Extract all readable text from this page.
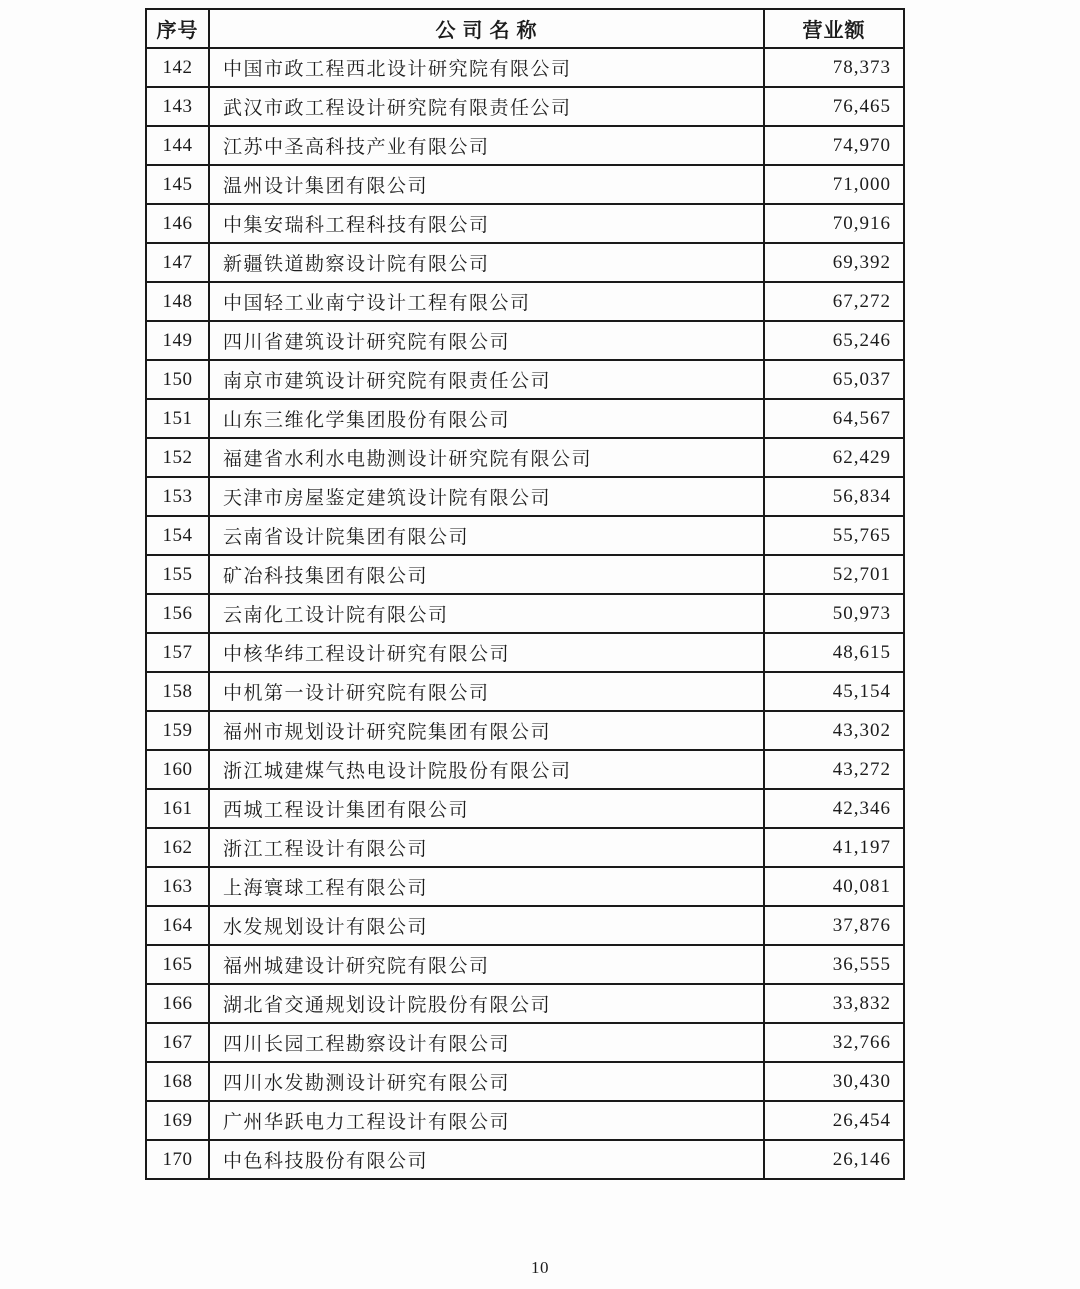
序号	公 司 名 称	营业额
142	中国市政工程西北设计研究院有限公司	78,373
143	武汉市政工程设计研究院有限责任公司	76,465
144	江苏中圣高科技产业有限公司	74,970
145	温州设计集团有限公司	71,000
146	中集安瑞科工程科技有限公司	70,916
147	新疆铁道勘察设计院有限公司	69,392
148	中国轻工业南宁设计工程有限公司	67,272
149	四川省建筑设计研究院有限公司	65,246
150	南京市建筑设计研究院有限责任公司	65,037
151	山东三维化学集团股份有限公司	64,567
152	福建省水利水电勘测设计研究院有限公司	62,429
153	天津市房屋鉴定建筑设计院有限公司	56,834
154	云南省设计院集团有限公司	55,765
155	矿冶科技集团有限公司	52,701
156	云南化工设计院有限公司	50,973
157	中核华纬工程设计研究有限公司	48,615
158	中机第一设计研究院有限公司	45,154
159	福州市规划设计研究院集团有限公司	43,302
160	浙江城建煤气热电设计院股份有限公司	43,272
161	西城工程设计集团有限公司	42,346
162	浙江工程设计有限公司	41,197
163	上海寰球工程有限公司	40,081
164	水发规划设计有限公司	37,876
165	福州城建设计研究院有限公司	36,555
166	湖北省交通规划设计院股份有限公司	33,832
167	四川长园工程勘察设计有限公司	32,766
168	四川水发勘测设计研究有限公司	30,430
169	广州华跃电力工程设计有限公司	26,454
170	中色科技股份有限公司	26,146
10
